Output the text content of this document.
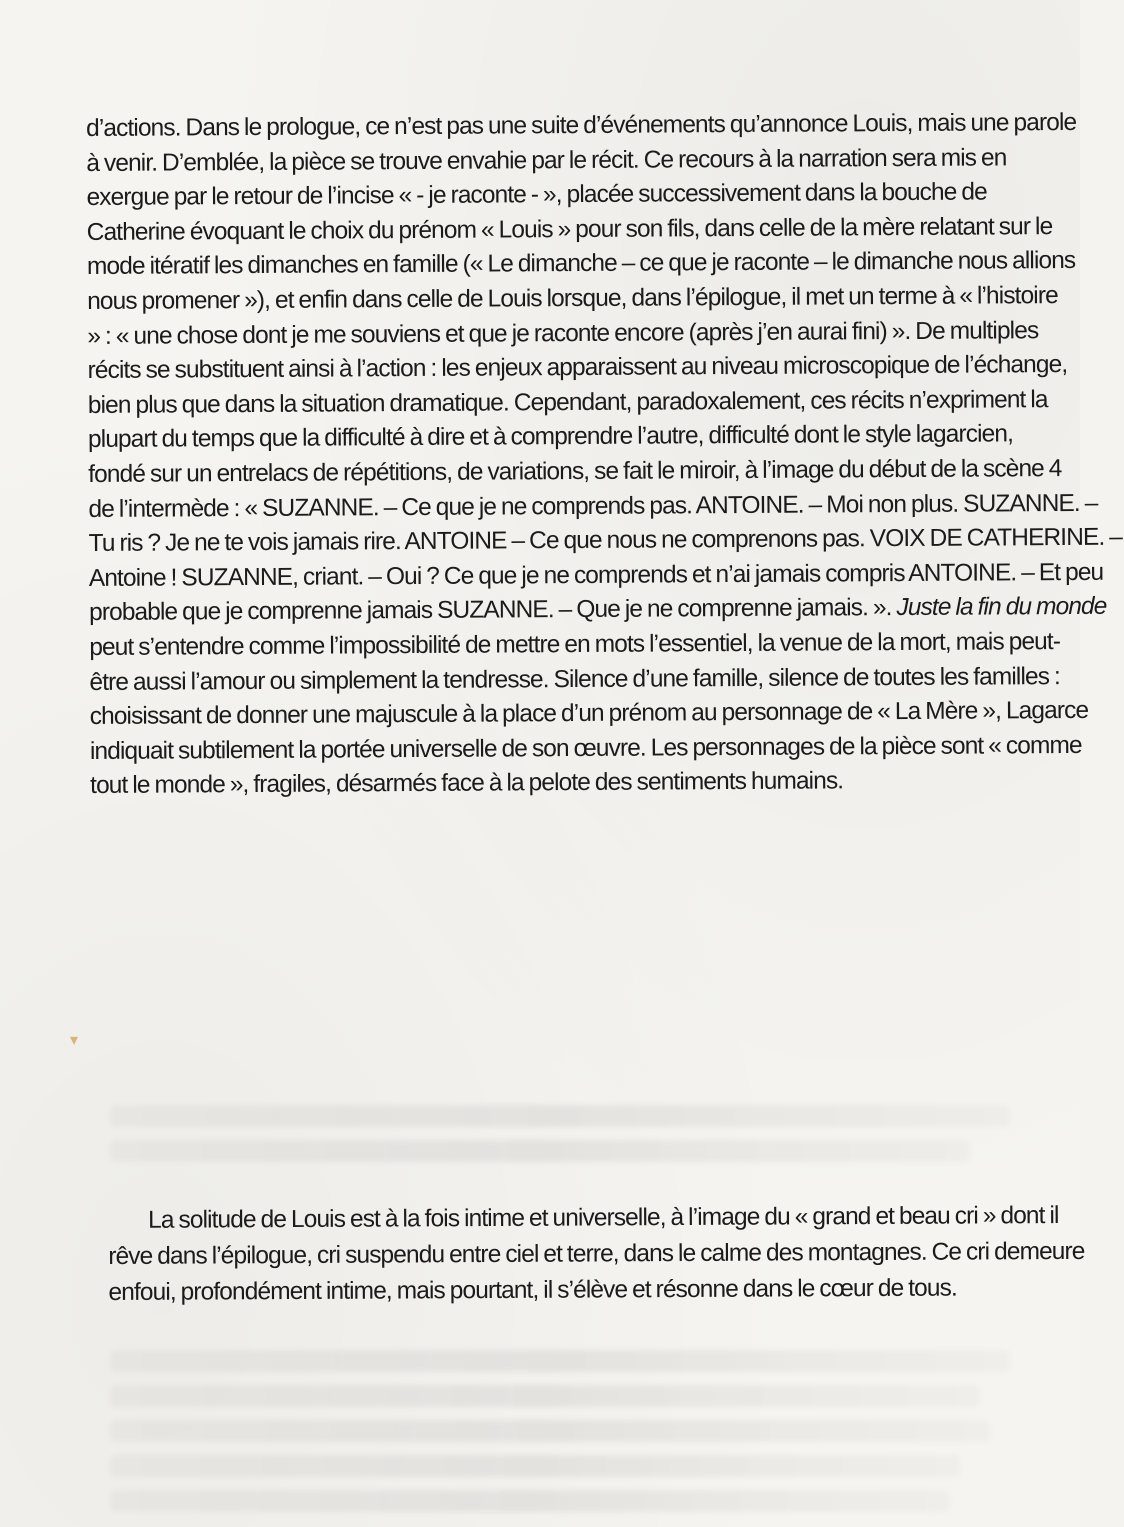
d’actions. Dans le prologue, ce n’est pas une suite d’événements qu’annonce Louis, mais une parole
à venir. D’emblée, la pièce se trouve envahie par le récit. Ce recours à la narration sera mis en
exergue par le retour de l’incise « - je raconte - », placée successivement dans la bouche de
Catherine évoquant le choix du prénom « Louis » pour son fils, dans celle de la mère relatant sur le
mode itératif les dimanches en famille (« Le dimanche – ce que je raconte – le dimanche nous allions
nous promener »), et enfin dans celle de Louis lorsque, dans l’épilogue, il met un terme à « l’histoire
» : « une chose dont je me souviens et que je raconte encore (après j’en aurai fini) ». De multiples
récits se substituent ainsi à l’action : les enjeux apparaissent au niveau microscopique de l’échange,
bien plus que dans la situation dramatique. Cependant, paradoxalement, ces récits n’expriment la
plupart du temps que la difficulté à dire et à comprendre l’autre, difficulté dont le style lagarcien,
fondé sur un entrelacs de répétitions, de variations, se fait le miroir, à l’image du début de la scène 4
de l’intermède : « SUZANNE. – Ce que je ne comprends pas. ANTOINE. – Moi non plus. SUZANNE. –
Tu ris ? Je ne te vois jamais rire. ANTOINE – Ce que nous ne comprenons pas. VOIX DE CATHERINE. –
Antoine ! SUZANNE, criant. – Oui ? Ce que je ne comprends et n’ai jamais compris ANTOINE. – Et peu
probable que je comprenne jamais SUZANNE. – Que je ne comprenne jamais. ». Juste la fin du monde
peut s’entendre comme l’impossibilité de mettre en mots l’essentiel, la venue de la mort, mais peut-
être aussi l’amour ou simplement la tendresse. Silence d’une famille, silence de toutes les familles :
choisissant de donner une majuscule à la place d’un prénom au personnage de « La Mère », Lagarce
indiquait subtilement la portée universelle de son œuvre. Les personnages de la pièce sont « comme
tout le monde », fragiles, désarmés face à la pelote des sentiments humains.
▾
La solitude de Louis est à la fois intime et universelle, à l’image du « grand et beau cri » dont il
rêve dans l’épilogue, cri suspendu entre ciel et terre, dans le calme des montagnes. Ce cri demeure
enfoui, profondément intime, mais pourtant, il s’élève et résonne dans le cœur de tous.
